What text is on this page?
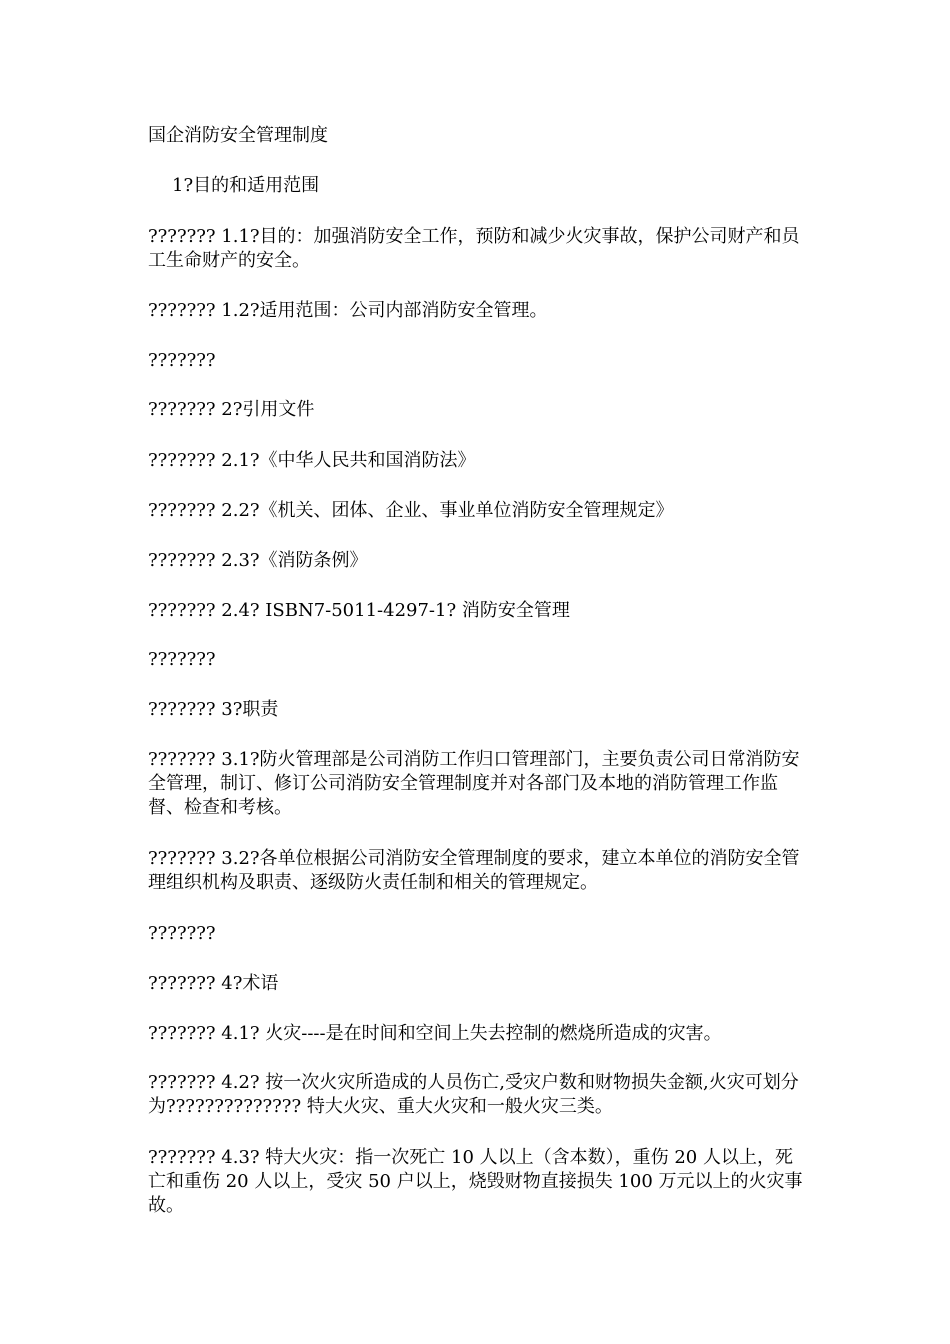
国企消防安全管理制度

1?目的和适用范围

??????? 1.1?目的：加强消防安全工作，预防和减少火灾事故，保护公司财产和员工生命财产的安全。

??????? 1.2?适用范围：公司内部消防安全管理。

???????

??????? 2?引用文件

??????? 2.1?《中华人民共和国消防法》

??????? 2.2?《机关、团体、企业、事业单位消防安全管理规定》

??????? 2.3?《消防条例》

??????? 2.4? ISBN7-5011-4297-1? 消防安全管理

???????

??????? 3?职责

??????? 3.1?防火管理部是公司消防工作归口管理部门，主要负责公司日常消防安全管理，制订、修订公司消防安全管理制度并对各部门及本地的消防管理工作监督、检查和考核。

??????? 3.2?各单位根据公司消防安全管理制度的要求，建立本单位的消防安全管理组织机构及职责、逐级防火责任制和相关的管理规定。

???????

??????? 4?术语

??????? 4.1? 火灾----是在时间和空间上失去控制的燃烧所造成的灾害。

??????? 4.2? 按一次火灾所造成的人员伤亡,受灾户数和财物损失金额,火灾可划分为?????????????? 特大火灾、重大火灾和一般火灾三类。

??????? 4.3? 特大火灾：指一次死亡 10 人以上（含本数），重伤 20 人以上，死亡和重伤 20 人以上，受灾 50 户以上，烧毁财物直接损失 100 万元以上的火灾事故。
